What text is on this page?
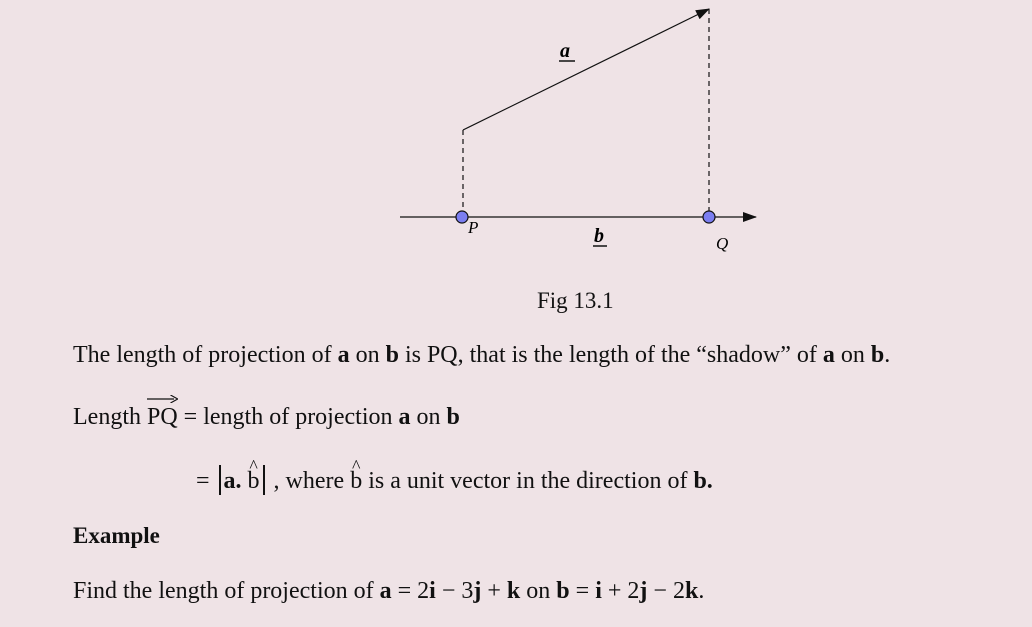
a
b
P
Q
Fig 13.1
The length of projection of a on b is PQ, that is the length of the “shadow” of a on b.
Length
PQ = length of projection a on b
= a. ^ b , where ^ b is a unit vector in the direction of b.
Example
Find the length of projection of a = 2i − 3j + k on b = i + 2j − 2k.
